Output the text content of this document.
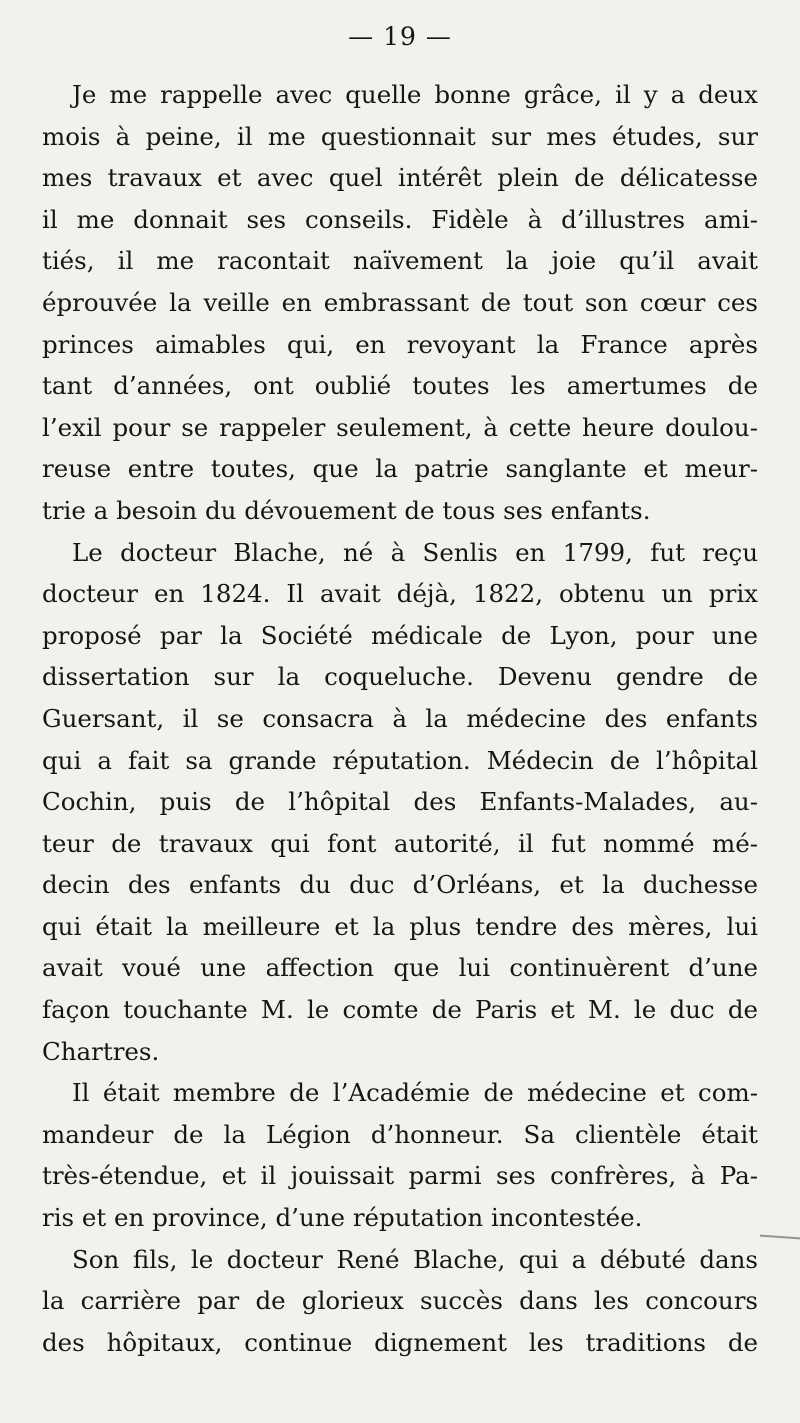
— 19 —
Je me rappelle avec quelle bonne grâce, il y a deux
mois à peine, il me questionnait sur mes études, sur
mes travaux et avec quel intérêt plein de délicatesse
il me donnait ses conseils. Fidèle à d’illustres ami-
tiés, il me racontait naïvement la joie qu’il avait
éprouvée la veille en embrassant de tout son cœur ces
princes aimables qui, en revoyant la France après
tant d’années, ont oublié toutes les amertumes de
l’exil pour se rappeler seulement, à cette heure doulou-
reuse entre toutes, que la patrie sanglante et meur-
trie a besoin du dévouement de tous ses enfants.
Le docteur Blache, né à Senlis en 1799, fut reçu
docteur en 1824. Il avait déjà, 1822, obtenu un prix
proposé par la Société médicale de Lyon, pour une
dissertation sur la coqueluche. Devenu gendre de
Guersant, il se consacra à la médecine des enfants
qui a fait sa grande réputation. Médecin de l’hôpital
Cochin, puis de l’hôpital des Enfants-Malades, au-
teur de travaux qui font autorité, il fut nommé mé-
decin des enfants du duc d’Orléans, et la duchesse
qui était la meilleure et la plus tendre des mères, lui
avait voué une affection que lui continuèrent d’une
façon touchante M. le comte de Paris et M. le duc de
Chartres.
Il était membre de l’Académie de médecine et com-
mandeur de la Légion d’honneur. Sa clientèle était
très-étendue, et il jouissait parmi ses confrères, à Pa-
ris et en province, d’une réputation incontestée.
Son fils, le docteur René Blache, qui a débuté dans
la carrière par de glorieux succès dans les concours
des hôpitaux, continue dignement les traditions de
